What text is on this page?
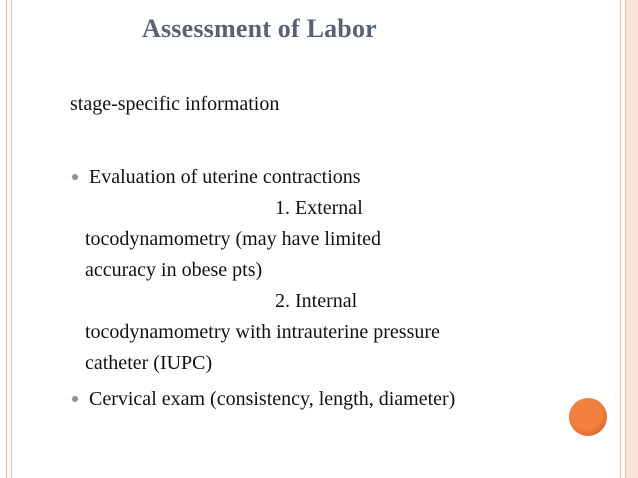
Assessment of Labor
stage-specific information
Evaluation of uterine contractions
1. External
tocodynamometry (may have limited
accuracy in obese pts)
2. Internal
tocodynamometry with intrauterine pressure
catheter (IUPC)
Cervical exam (consistency, length, diameter)
